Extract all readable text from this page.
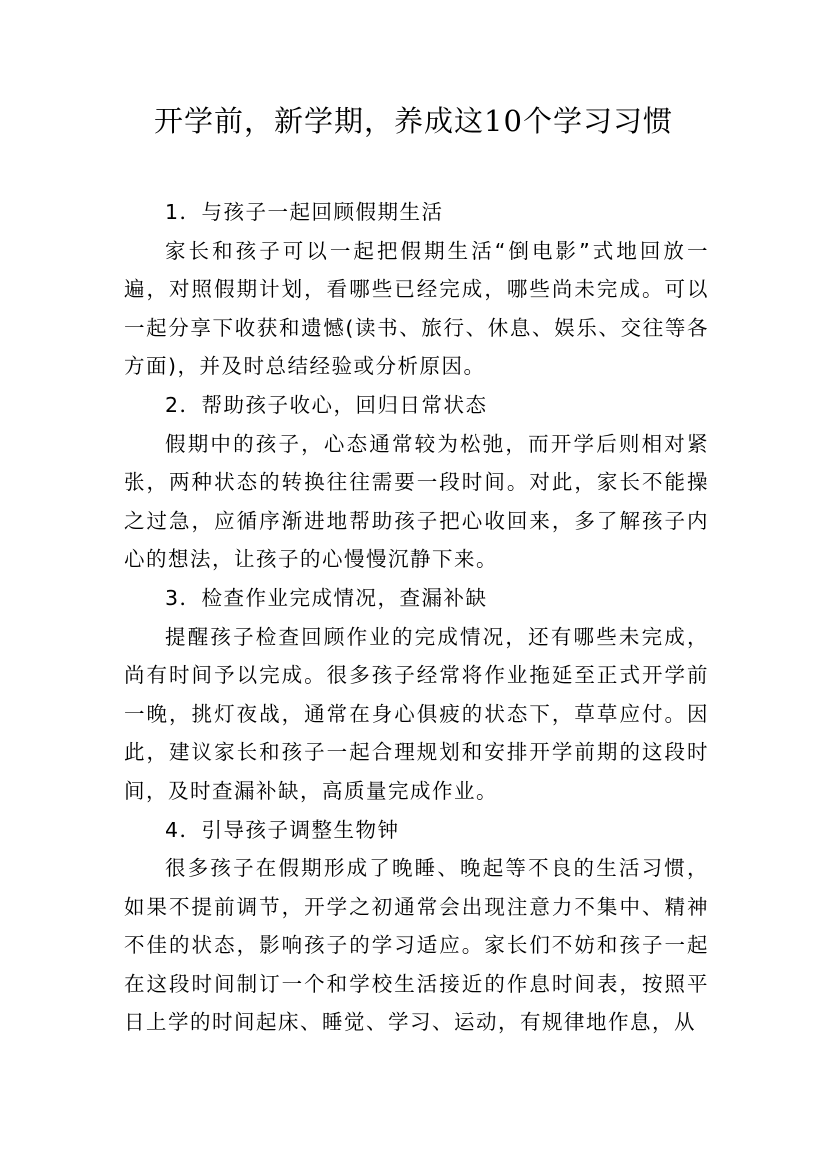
开学前，新学期，养成这10个学习习惯

1．与孩子一起回顾假期生活

家长和孩子可以一起把假期生活“倒电影”式地回放一遍，对照假期计划，看哪些已经完成，哪些尚未完成。可以一起分享下收获和遗憾(读书、旅行、休息、娱乐、交往等各方面)，并及时总结经验或分析原因。

2．帮助孩子收心，回归日常状态

假期中的孩子，心态通常较为松弛，而开学后则相对紧张，两种状态的转换往往需要一段时间。对此，家长不能操之过急，应循序渐进地帮助孩子把心收回来，多了解孩子内心的想法，让孩子的心慢慢沉静下来。

3．检查作业完成情况，查漏补缺

提醒孩子检查回顾作业的完成情况，还有哪些未完成，尚有时间予以完成。很多孩子经常将作业拖延至正式开学前一晚，挑灯夜战，通常在身心俱疲的状态下，草草应付。因此，建议家长和孩子一起合理规划和安排开学前期的这段时间，及时查漏补缺，高质量完成作业。

4．引导孩子调整生物钟

很多孩子在假期形成了晚睡、晚起等不良的生活习惯，如果不提前调节，开学之初通常会出现注意力不集中、精神不佳的状态，影响孩子的学习适应。家长们不妨和孩子一起在这段时间制订一个和学校生活接近的作息时间表，按照平日上学的时间起床、睡觉、学习、运动，有规律地作息，从
